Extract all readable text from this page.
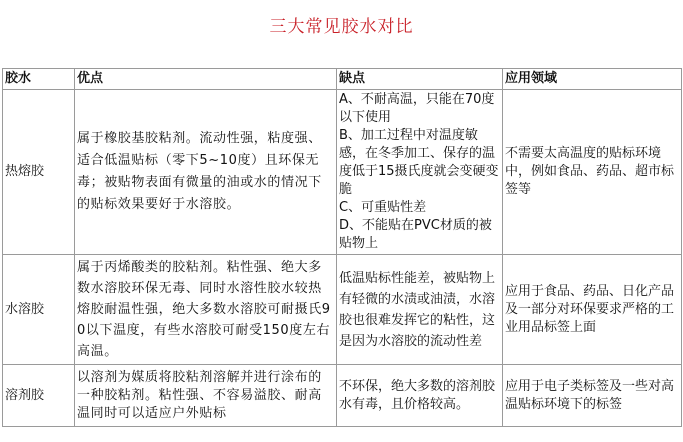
三大常见胶水对比
胶水	优点	缺点	应用领域
热熔胶	属于橡胶基胶粘剂。流动性强，粘度强、适合低温贴标（零下5~10度）且环保无毒；被贴物表面有微量的油或水的情况下的贴标效果要好于水溶胶。	A、不耐高温，只能在70度以下使用
B、加工过程中对温度敏感，在冬季加工、保存的温度低于15摄氏度就会变硬变脆
C、可重贴性差
D、不能贴在PVC材质的被贴物上	不需要太高温度的贴标环境中，例如食品、药品、超市标签等
水溶胶	属于丙烯酸类的胶粘剂。粘性强、绝大多数水溶胶环保无毒、同时水溶性胶水较热熔胶耐温性强，绝大多数水溶胶可耐摄氏90以下温度，有些水溶胶可耐受150度左右高温。	低温贴标性能差，被贴物上有轻微的水渍或油渍，水溶胶也很难发挥它的粘性，这是因为水溶胶的流动性差	应用于食品、药品、日化产品及一部分对环保要求严格的工业用品标签上面
溶剂胶	以溶剂为媒质将胶粘剂溶解并进行涂布的一种胶粘剂。粘性强、不容易溢胶、耐高温同时可以适应户外贴标	不环保，绝大多数的溶剂胶水有毒，且价格较高。	应用于电子类标签及一些对高温贴标环境下的标签
